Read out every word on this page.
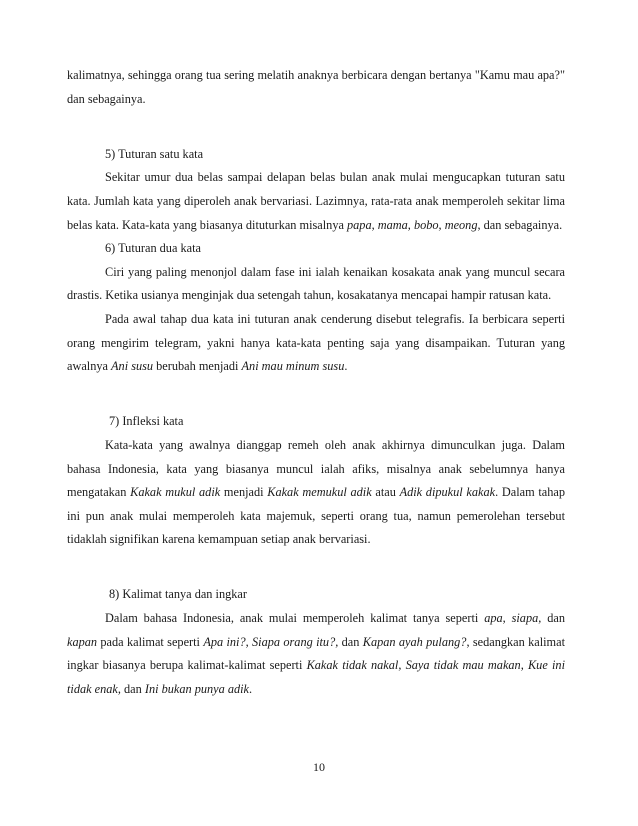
kalimatnya, sehingga orang tua sering melatih anaknya berbicara dengan bertanya "Kamu mau apa?" dan sebagainya.

5) Tuturan satu kata

Sekitar umur dua belas sampai delapan belas bulan anak mulai mengucapkan tuturan satu kata. Jumlah kata yang diperoleh anak bervariasi. Lazimnya, rata-rata anak memperoleh sekitar lima belas kata. Kata-kata yang biasanya dituturkan misalnya papa, mama, bobo, meong, dan sebagainya.

6) Tuturan dua kata

Ciri yang paling menonjol dalam fase ini ialah kenaikan kosakata anak yang muncul secara drastis. Ketika usianya menginjak dua setengah tahun, kosakatanya mencapai hampir ratusan kata.

Pada awal tahap dua kata ini tuturan anak cenderung disebut telegrafis. Ia berbicara seperti orang mengirim telegram, yakni hanya kata-kata penting saja yang disampaikan. Tuturan yang awalnya Ani susu berubah menjadi Ani mau minum susu.

7) Infleksi kata

Kata-kata yang awalnya dianggap remeh oleh anak akhirnya dimunculkan juga. Dalam bahasa Indonesia, kata yang biasanya muncul ialah afiks, misalnya anak sebelumnya hanya mengatakan Kakak mukul adik menjadi Kakak memukul adik atau Adik dipukul kakak. Dalam tahap ini pun anak mulai memperoleh kata majemuk, seperti orang tua, namun pemerolehan tersebut tidaklah signifikan karena kemampuan setiap anak bervariasi.

8) Kalimat tanya dan ingkar

Dalam bahasa Indonesia, anak mulai memperoleh kalimat tanya seperti apa, siapa, dan kapan pada kalimat seperti Apa ini?, Siapa orang itu?, dan Kapan ayah pulang?, sedangkan kalimat ingkar biasanya berupa kalimat-kalimat seperti Kakak tidak nakal, Saya tidak mau makan, Kue ini tidak enak, dan Ini bukan punya adik.

10
